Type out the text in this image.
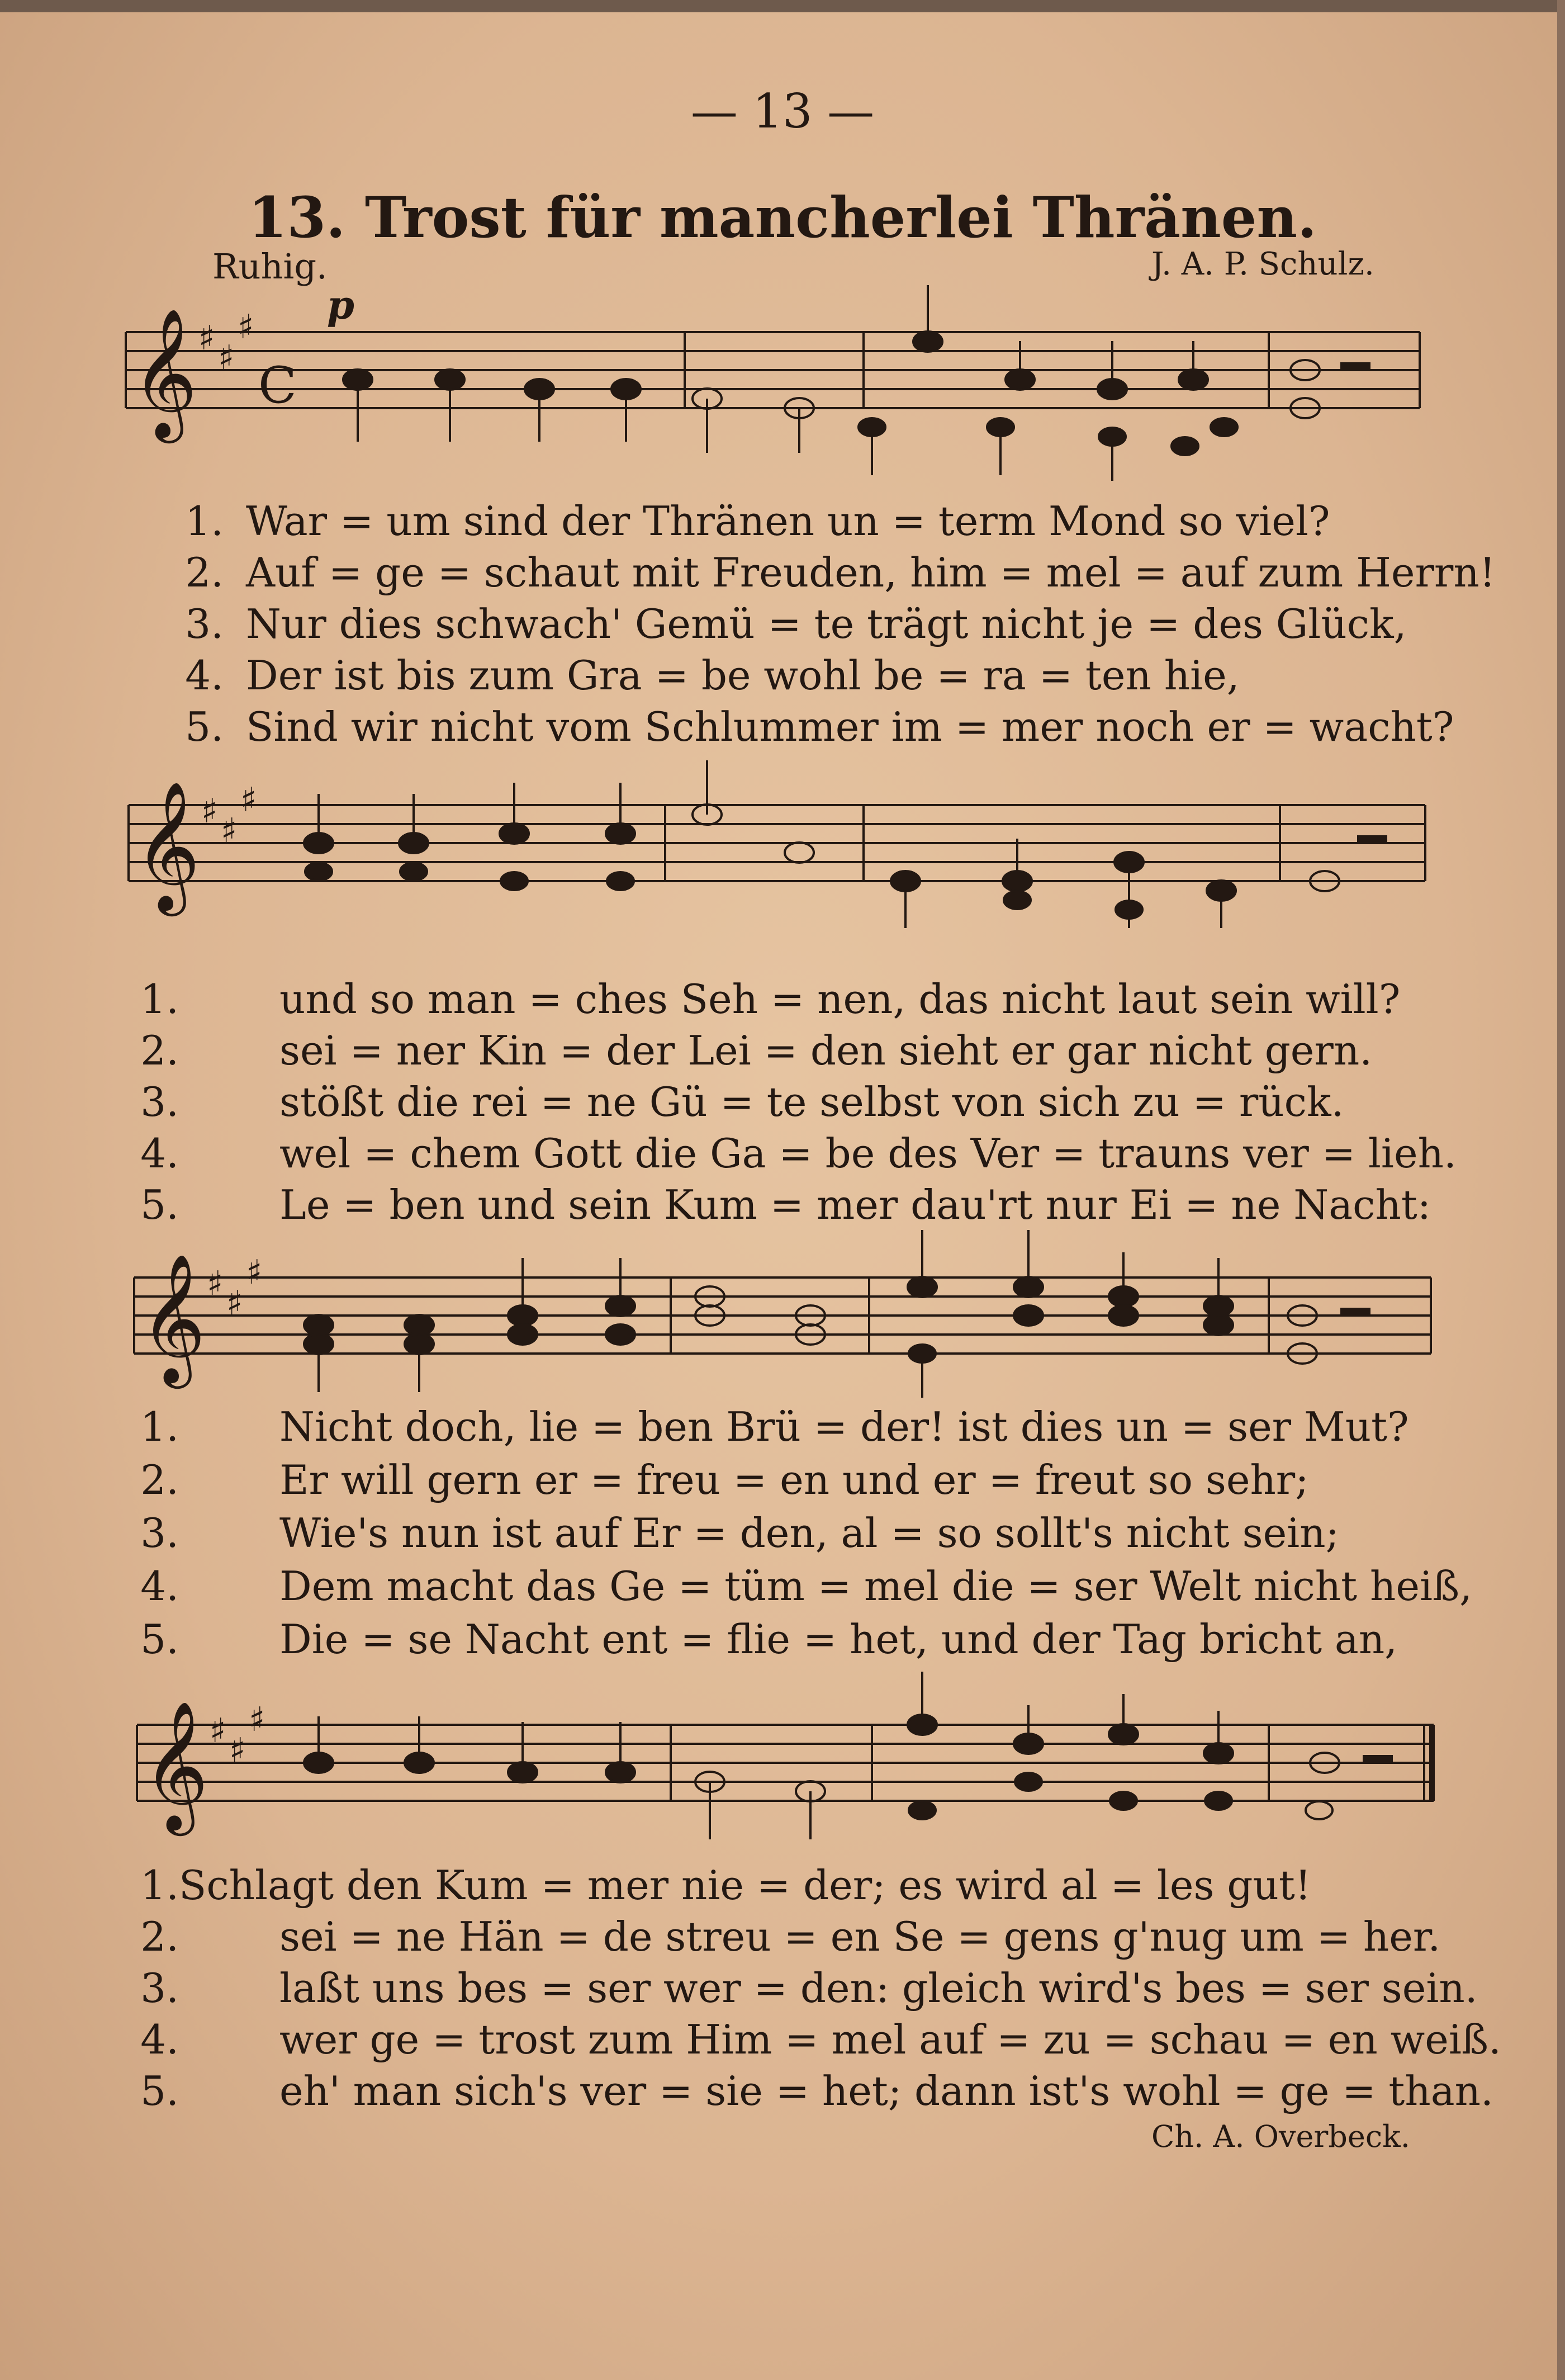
— 13 —
13. Trost für mancherlei Thränen.
Ruhig.	J. A. P. Schulz.
𝄞 ♯ ♯
♯
C
p
1. War = um sind der Thränen un = term Mond so viel?
2. Auf = ge = schaut mit Freuden, him = mel = auf zum Herrn!
3. Nur dies schwach' Gemü = te trägt nicht je = des Glück,
4. Der ist bis zum Gra = be wohl be = ra = ten hie,
5. Sind wir nicht vom Schlummer im = mer noch er = wacht?
𝄞 ♯ ♯
♯
1.	und so man = ches Seh = nen, das nicht laut sein will?
2.	sei = ner Kin = der Lei = den sieht er gar nicht gern.
3.	stößt die rei = ne Gü = te selbst von sich zu = rück.
4.	wel = chem Gott die Ga = be des Ver = trauns ver = lieh.
5.	Le = ben und sein Kum = mer dau'rt nur Ei = ne Nacht:
𝄞 ♯ ♯
♯
1.	Nicht doch, lie = ben Brü = der! ist dies un = ser Mut?
2.	Er will gern er = freu = en und er = freut so sehr;
3.	Wie's nun ist auf Er = den, al = so sollt's nicht sein;
4.	Dem macht das Ge = tüm = mel die = ser Welt nicht heiß,
5.	Die = se Nacht ent = flie = het, und der Tag bricht an,
𝄞 ♯ ♯
♯
1. Schlagt den Kum = mer nie = der; es wird al = les gut!
2.	sei = ne Hän = de streu = en Se = gens g'nug um = her.
3.	laßt uns bes = ser wer = den: gleich wird's bes = ser sein.
4.	wer ge = trost zum Him = mel auf = zu = schau = en weiß.
5.	eh' man sich's ver = sie = het; dann ist's wohl = ge = than.
Ch. A. Overbeck.
